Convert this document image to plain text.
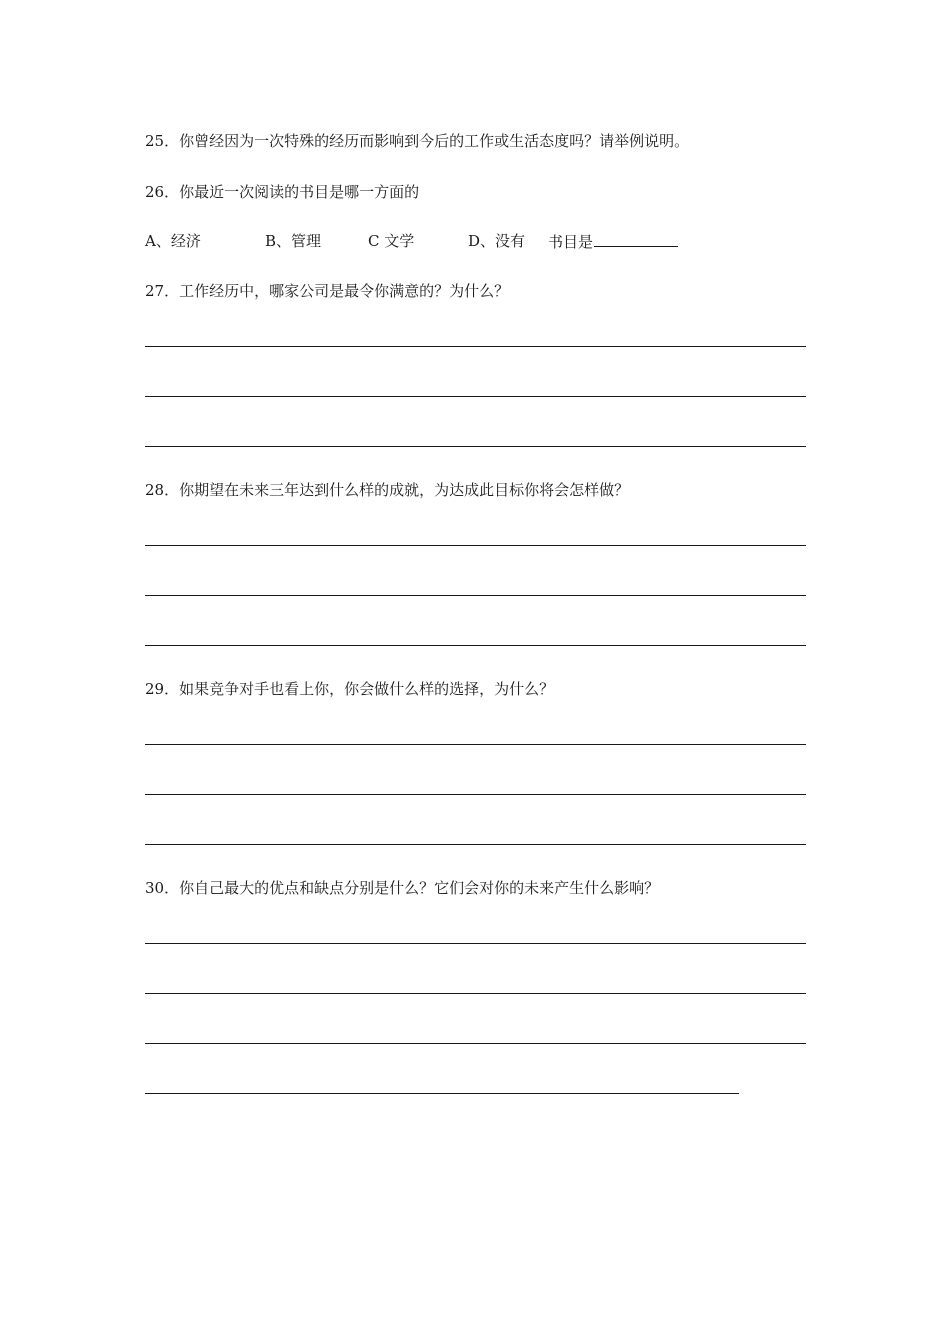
25．你曾经因为一次特殊的经历而影响到今后的工作或生活态度吗？请举例说明。
26．你最近一次阅读的书目是哪一方面的
A、经济	B、管理	C 文学	D、没有 书目是
27．工作经历中，哪家公司是最令你满意的？为什么？
28．你期望在未来三年达到什么样的成就，为达成此目标你将会怎样做？
29．如果竞争对手也看上你，你会做什么样的选择，为什么？
30．你自己最大的优点和缺点分别是什么？它们会对你的未来产生什么影响？
